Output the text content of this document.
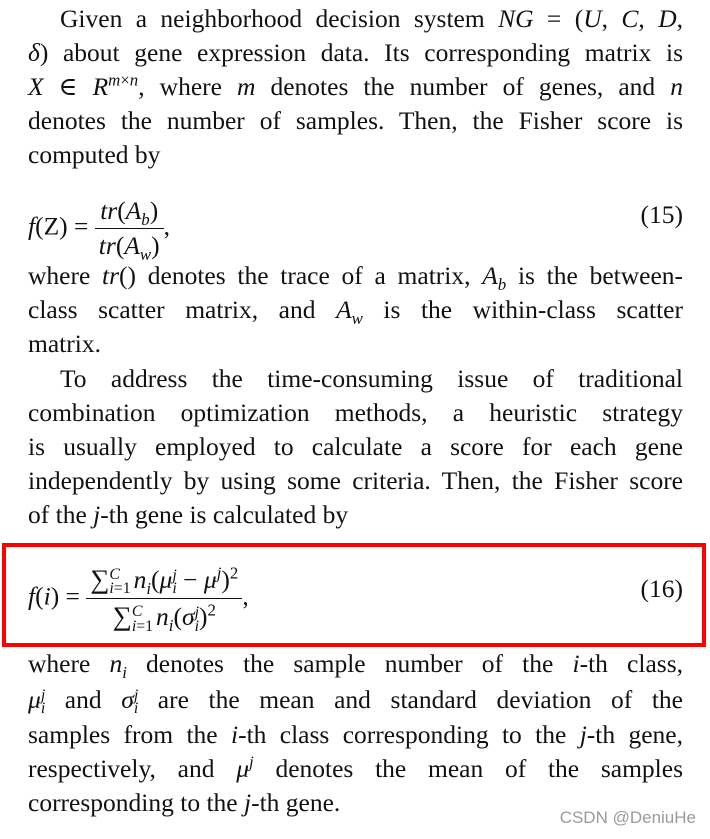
Given a neighborhood decision system NG = (U, C, D,
δ) about gene expression data. Its corresponding matrix is
X ∈ $R^{m\times n}$, where m denotes the number of genes, and n
denotes the number of samples. Then, the Fisher score is
computed by
$f(Z) = \frac{tr(A_b)}{tr(A_w)}$ ,	(15)
where tr() denotes the trace of a matrix, $A_b$ is the between-
class scatter matrix, and $A_w$ is the within-class scatter
matrix.
To address the time-consuming issue of traditional
combination optimization methods, a heuristic strategy
is usually employed to calculate a score for each gene
independently by using some criteria. Then, the Fisher score
of the j-th gene is calculated by
f(i) = ∑ C
i=1 $n_i(\mu$ j
$i - \mu^j)^2$
∑ C
i=1 $n_i(\sigma$ j
i )$^2$ ,	(16)
where $n_i$ denotes the sample number of the i-th class,
μ j
i and σ j
i are the mean and standard deviation of the
samples from the i-th class corresponding to the j-th gene,
respectively, and $\mu^j$ denotes the mean of the samples
corresponding to the j-th gene.
CSDN @DeniuHe
